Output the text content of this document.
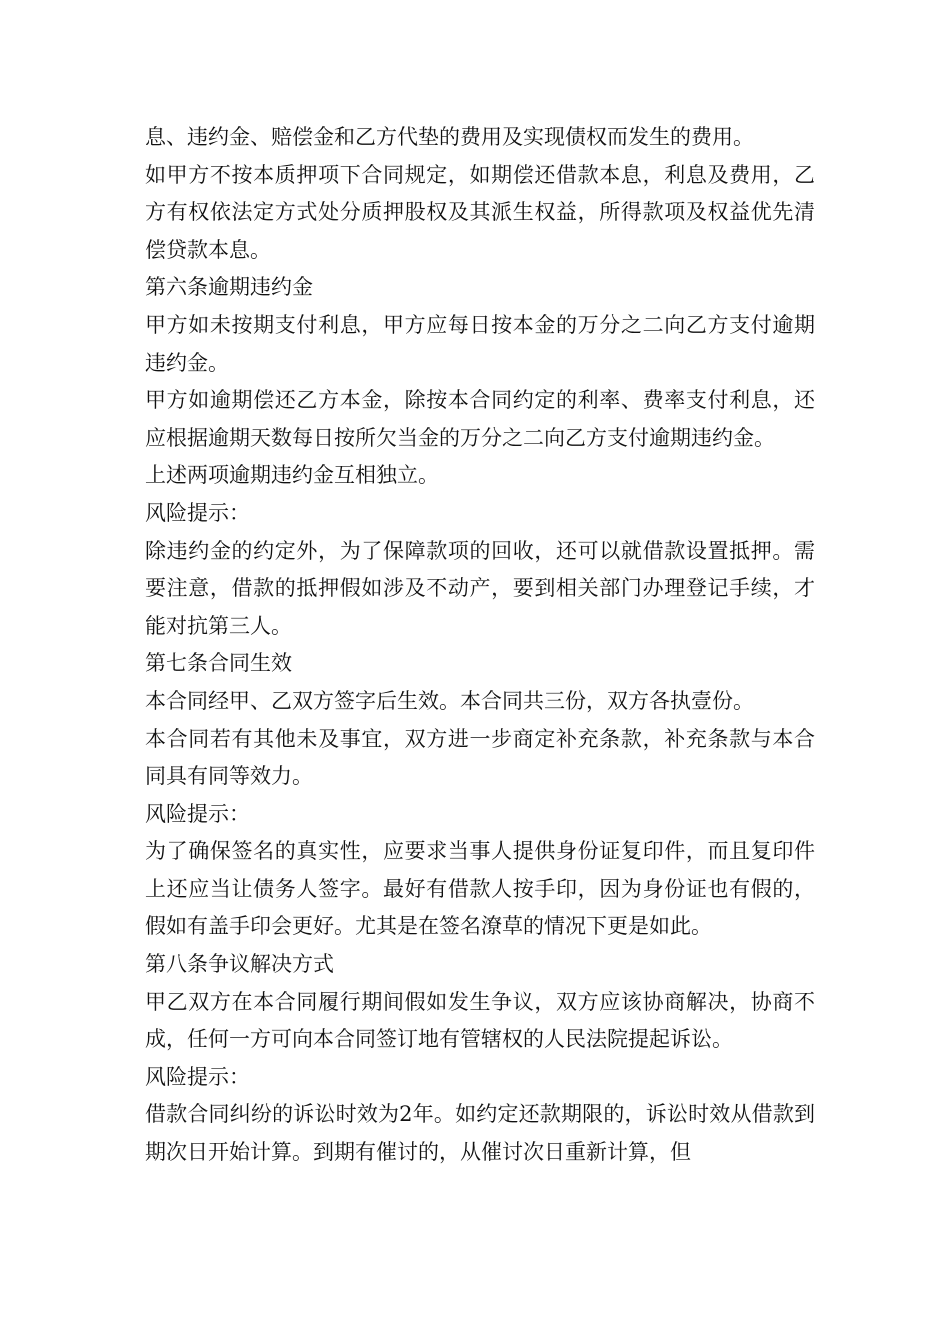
息、违约金、赔偿金和乙方代垫的费用及实现债权而发生的费用。

如甲方不按本质押项下合同规定，如期偿还借款本息，利息及费用，乙方有权依法定方式处分质押股权及其派生权益，所得款项及权益优先清偿贷款本息。

第六条逾期违约金

甲方如未按期支付利息，甲方应每日按本金的万分之二向乙方支付逾期违约金。

甲方如逾期偿还乙方本金，除按本合同约定的利率、费率支付利息，还应根据逾期天数每日按所欠当金的万分之二向乙方支付逾期违约金。

上述两项逾期违约金互相独立。

风险提示：

除违约金的约定外，为了保障款项的回收，还可以就借款设置抵押。需要注意，借款的抵押假如涉及不动产，要到相关部门办理登记手续，才能对抗第三人。

第七条合同生效

本合同经甲、乙双方签字后生效。本合同共三份，双方各执壹份。

本合同若有其他未及事宜，双方进一步商定补充条款，补充条款与本合同具有同等效力。

风险提示：

为了确保签名的真实性，应要求当事人提供身份证复印件，而且复印件上还应当让债务人签字。最好有借款人按手印，因为身份证也有假的，假如有盖手印会更好。尤其是在签名潦草的情况下更是如此。

第八条争议解决方式

甲乙双方在本合同履行期间假如发生争议，双方应该协商解决，协商不成，任何一方可向本合同签订地有管辖权的人民法院提起诉讼。

风险提示：

借款合同纠纷的诉讼时效为2年。如约定还款期限的，诉讼时效从借款到期次日开始计算。到期有催讨的，从催讨次日重新计算，但
